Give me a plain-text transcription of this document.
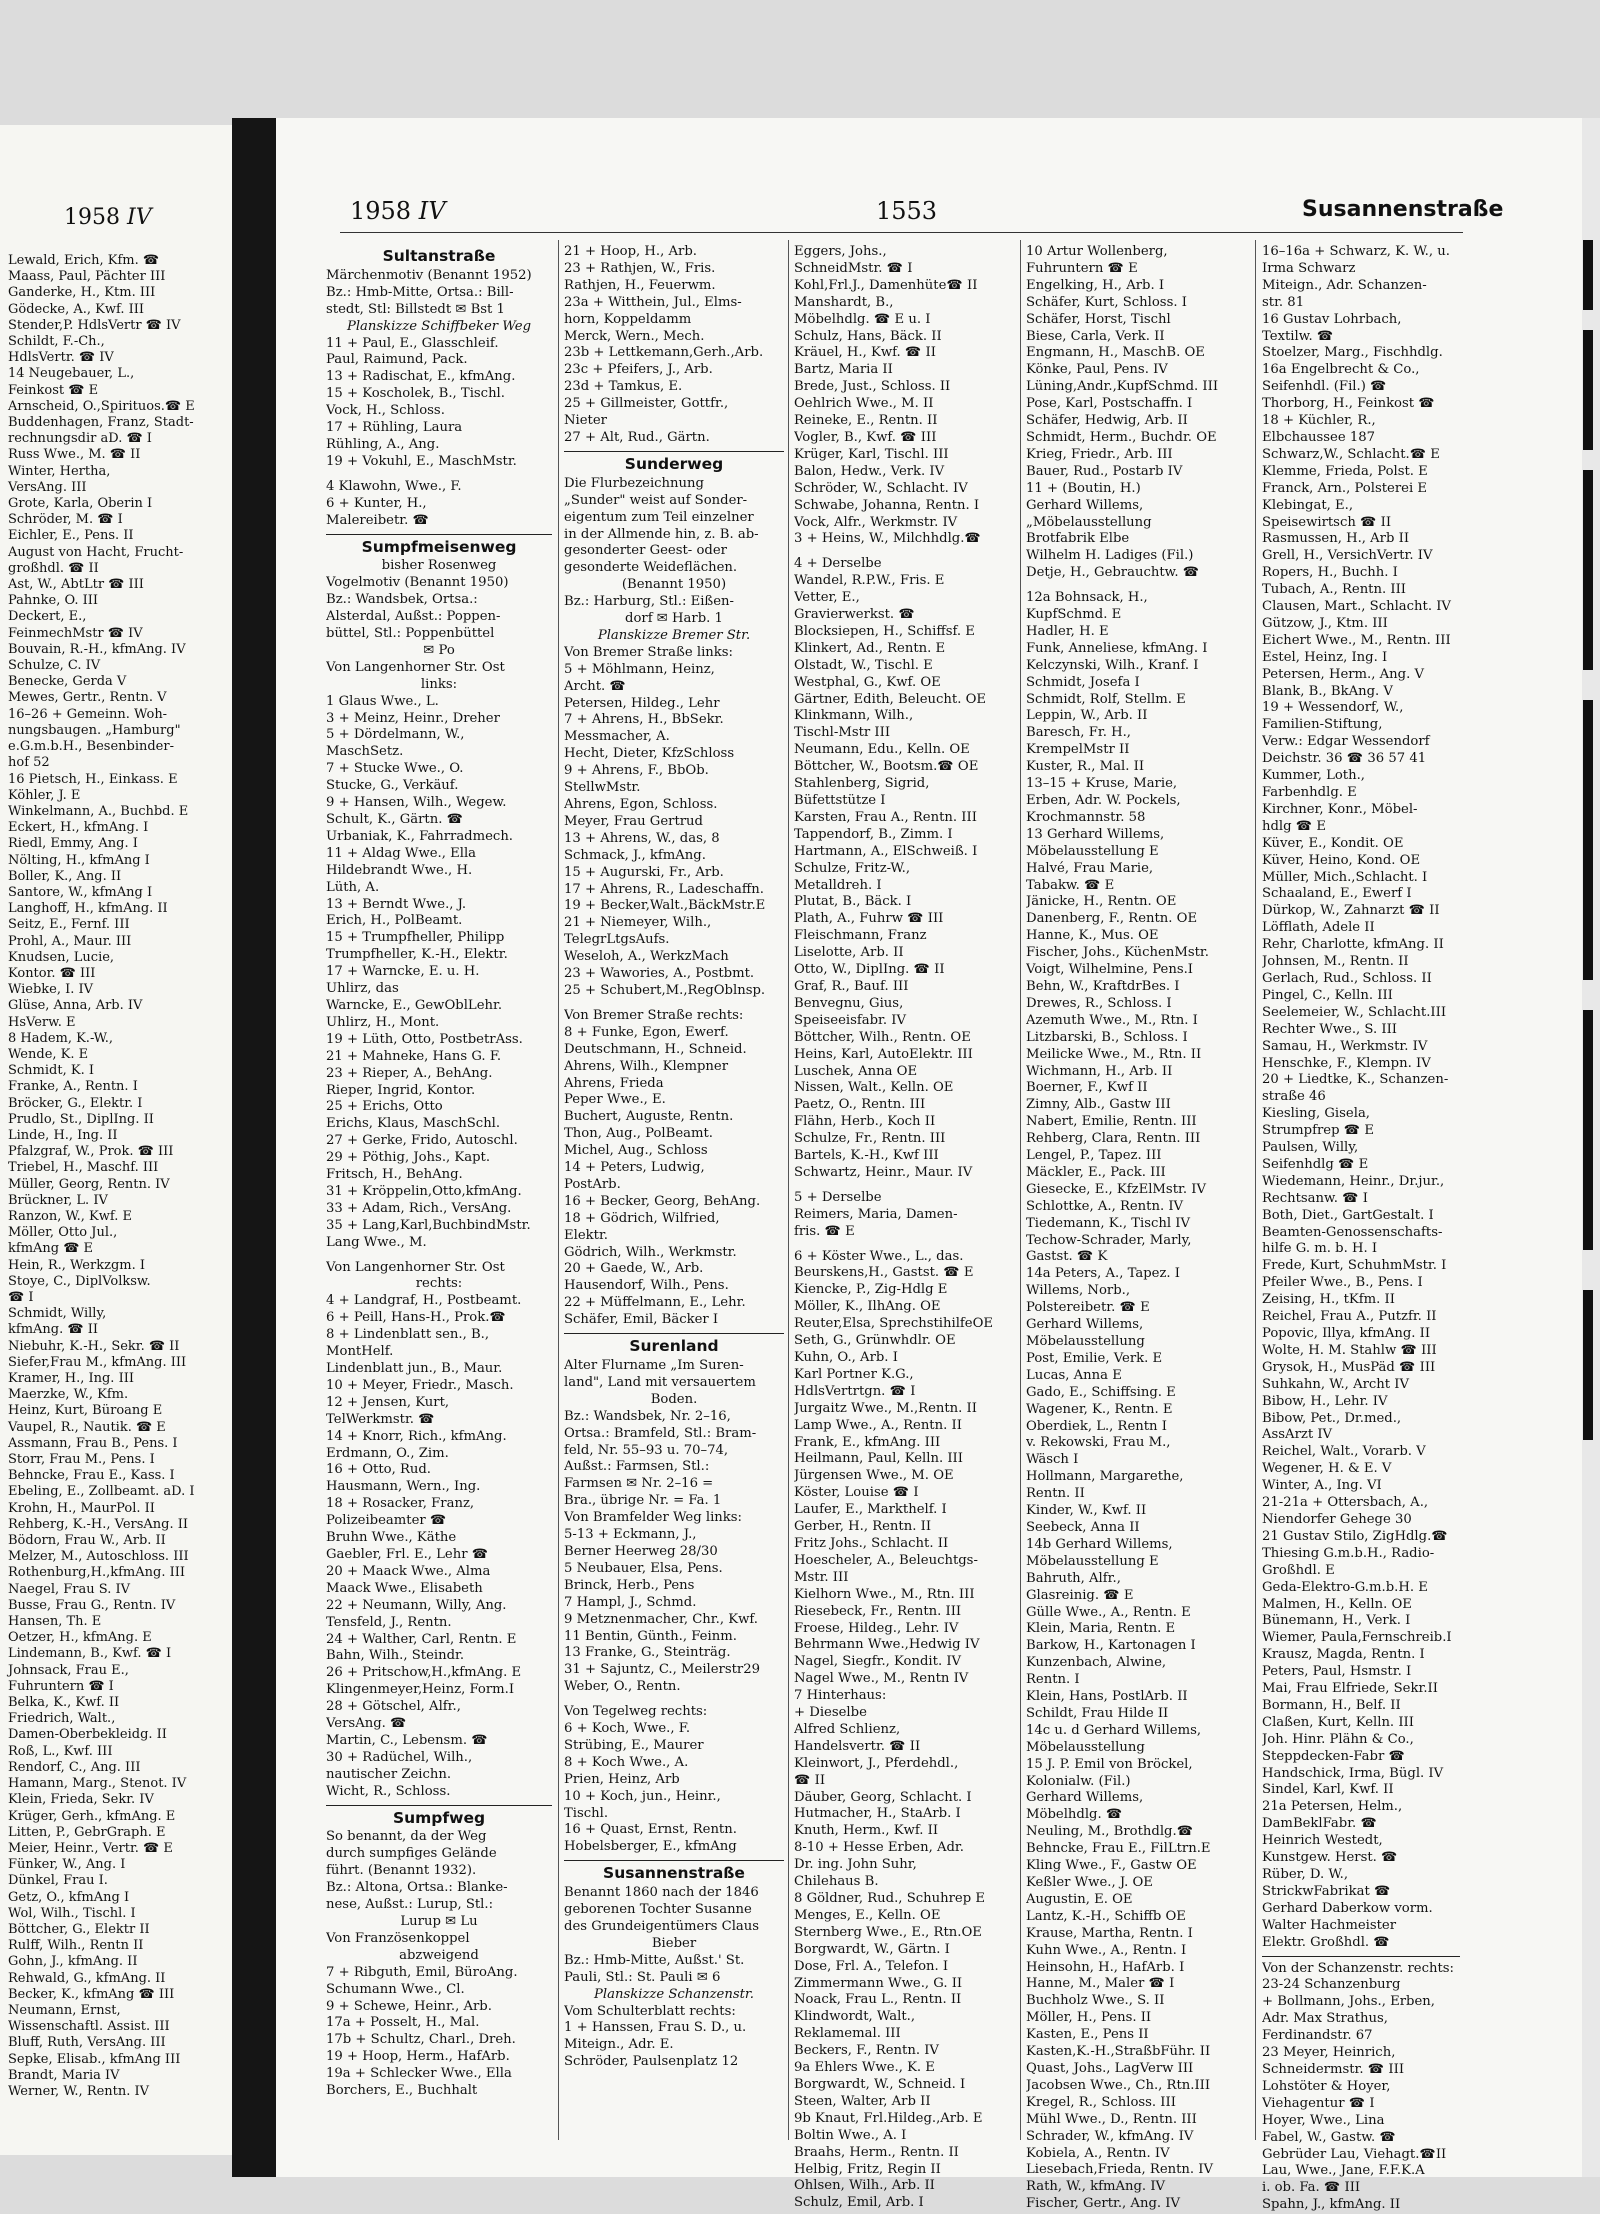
Lewald, Erich, Kfm. ☎
Maass, Paul, Pächter III
Ganderke, H., Ktm. III
Gödecke, A., Kwf. III
Stender,P. HdlsVertr ☎ IV
Schildt, F.-Ch.,
HdlsVertr. ☎ IV
14 Neugebauer, L.,
Feinkost ☎ E
Arnscheid, O.,Spirituos.☎ E
Buddenhagen, Franz, Stadt-
rechnungsdir aD. ☎ I
Russ Wwe., M. ☎ II
Winter, Hertha,
VersAng. III
Grote, Karla, Oberin I
Schröder, M. ☎ I
Eichler, E., Pens. II
August von Hacht, Frucht-
großhdl. ☎ II
Ast, W., AbtLtr ☎ III
Pahnke, O. III
Deckert, E.,
FeinmechMstr ☎ IV
Bouvain, R.-H., kfmAng. IV
Schulze, C. IV
Benecke, Gerda V
Mewes, Gertr., Rentn. V
16–26 + Gemeinn. Woh-
nungsbaugen. „Hamburg"
e.G.m.b.H., Besenbinder-
hof 52
16 Pietsch, H., Einkass. E
Köhler, J. E
Winkelmann, A., Buchbd. E
Eckert, H., kfmAng. I
Riedl, Emmy, Ang. I
Nölting, H., kfmAng I
Boller, K., Ang. II
Santore, W., kfmAng I
Langhoff, H., kfmAng. II
Seitz, E., Fernf. III
Prohl, A., Maur. III
Knudsen, Lucie,
Kontor. ☎ III
Wiebke, I. IV
Glüse, Anna, Arb. IV
HsVerw. E
8 Hadem, K.-W.,
Wende, K. E
Schmidt, K. I
Franke, A., Rentn. I
Bröcker, G., Elektr. I
Prudlo, St., DiplIng. II
Linde, H., Ing. II
Pfalzgraf, W., Prok. ☎ III
Triebel, H., Maschf. III
Müller, Georg, Rentn. IV
Brückner, L. IV
Ranzon, W., Kwf. E
Möller, Otto Jul.,
kfmAng ☎ E
Hein, R., Werkzgm. I
Stoye, C., DiplVolksw.
☎ I
Schmidt, Willy,
kfmAng. ☎ II
Niebuhr, K.-H., Sekr. ☎ II
Siefer,Frau M., kfmAng. III
Kramer, H., Ing. III
Maerzke, W., Kfm.
Heinz, Kurt, Büroang E
Vaupel, R., Nautik. ☎ E
Assmann, Frau B., Pens. I
Storr, Frau M., Pens. I
Behncke, Frau E., Kass. I
Ebeling, E., Zollbeamt. aD. I
Krohn, H., MaurPol. II
Rehberg, K.-H., VersAng. II
Bödorn, Frau W., Arb. II
Melzer, M., Autoschloss. III
Rothenburg,H.,kfmAng. III
Naegel, Frau S. IV
Busse, Frau G., Rentn. IV
Hansen, Th. E
Oetzer, H., kfmAng. E
Lindemann, B., Kwf. ☎ I
Johnsack, Frau E.,
Fuhruntern ☎ I
Belka, K., Kwf. II
Friedrich, Walt.,
Damen-Oberbekleidg. II
Roß, L., Kwf. III
Rendorf, C., Ang. III
Hamann, Marg., Stenot. IV
Klein, Frieda, Sekr. IV
Krüger, Gerh., kfmAng. E
Litten, P., GebrGraph. E
Meier, Heinr., Vertr. ☎ E
Fünker, W., Ang. I
Dünkel, Frau I.
Getz, O., kfmAng I
Wol, Wilh., Tischl. I
Böttcher, G., Elektr II
Rulff, Wilh., Rentn II
Gohn, J., kfmAng. II
Rehwald, G., kfmAng. II
Becker, K., kfmAng ☎ III
Neumann, Ernst,
Wissenschaftl. Assist. III
Bluff, Ruth, VersAng. III
Sepke, Elisab., kfmAng III
Brandt, Maria IV
Werner, W., Rentn. IV
1958 IV	1958 IV	1553	Susannenstraße
Sultanstraße
Märchenmotiv (Benannt 1952)
Bz.: Hmb-Mitte, Ortsa.: Bill-
stedt, Stl: Billstedt ✉ Bst 1
Planskizze Schiffbeker Weg
11 + Paul, E., Glasschleif.
Paul, Raimund, Pack.
13 + Radischat, E., kfmAng.
15 + Koscholek, B., Tischl.
Vock, H., Schloss.
17 + Rühling, Laura
Rühling, A., Ang.
19 + Vokuhl, E., MaschMstr.
4 Klawohn, Wwe., F.
6 + Kunter, H.,
Malereibetr. ☎
Sumpfmeisenweg
bisher Rosenweg
Vogelmotiv (Benannt 1950)
Bz.: Wandsbek, Ortsa.:
Alsterdal, Außst.: Poppen-
büttel, Stl.: Poppenbüttel
✉ Po
Von Langenhorner Str. Ost
links:
1 Glaus Wwe., L.
3 + Meinz, Heinr., Dreher
5 + Dördelmann, W.,
MaschSetz.
7 + Stucke Wwe., O.
Stucke, G., Verkäuf.
9 + Hansen, Wilh., Wegew.
Schult, K., Gärtn. ☎
Urbaniak, K., Fahrradmech.
11 + Aldag Wwe., Ella
Hildebrandt Wwe., H.
Lüth, A.
13 + Berndt Wwe., J.
Erich, H., PolBeamt.
15 + Trumpfheller, Philipp
Trumpfheller, K.-H., Elektr.
17 + Warncke, E. u. H.
Uhlirz, das
Warncke, E., GewOblLehr.
Uhlirz, H., Mont.
19 + Lüth, Otto, PostbetrAss.
21 + Mahneke, Hans G. F.
23 + Rieper, A., BehAng.
Rieper, Ingrid, Kontor.
25 + Erichs, Otto
Erichs, Klaus, MaschSchl.
27 + Gerke, Frido, Autoschl.
29 + Pöthig, Johs., Kapt.
Fritsch, H., BehAng.
31 + Kröppelin,Otto,kfmAng.
33 + Adam, Rich., VersAng.
35 + Lang,Karl,BuchbindMstr.
Lang Wwe., M.
Von Langenhorner Str. Ost
rechts:
4 + Landgraf, H., Postbeamt.
6 + Peill, Hans-H., Prok.☎
8 + Lindenblatt sen., B.,
MontHelf.
Lindenblatt jun., B., Maur.
10 + Meyer, Friedr., Masch.
12 + Jensen, Kurt,
TelWerkmstr. ☎
14 + Knorr, Rich., kfmAng.
Erdmann, O., Zim.
16 + Otto, Rud.
Hausmann, Wern., Ing.
18 + Rosacker, Franz,
Polizeibeamter ☎
Bruhn Wwe., Käthe
Gaebler, Frl. E., Lehr ☎
20 + Maack Wwe., Alma
Maack Wwe., Elisabeth
22 + Neumann, Willy, Ang.
Tensfeld, J., Rentn.
24 + Walther, Carl, Rentn. E
Bahn, Wilh., Steindr.
26 + Pritschow,H.,kfmAng. E
Klingenmeyer,Heinz, Form.I
28 + Götschel, Alfr.,
VersAng. ☎
Martin, C., Lebensm. ☎
30 + Radüchel, Wilh.,
nautischer Zeichn.
Wicht, R., Schloss.
Sumpfweg
So benannt, da der Weg
durch sumpfiges Gelände
führt. (Benannt 1932).
Bz.: Altona, Ortsa.: Blanke-
nese, Außst.: Lurup, Stl.:
Lurup ✉ Lu
Von Französenkoppel
abzweigend
7 + Ribguth, Emil, BüroAng.
Schumann Wwe., Cl.
9 + Schewe, Heinr., Arb.
17a + Posselt, H., Mal.
17b + Schultz, Charl., Dreh.
19 + Hoop, Herm., HafArb.
19a + Schlecker Wwe., Ella
Borchers, E., Buchhalt
21 + Hoop, H., Arb.
23 + Rathjen, W., Fris.
Rathjen, H., Feuerwm.
23a + Witthein, Jul., Elms-
horn, Koppeldamm
Merck, Wern., Mech.
23b + Lettkemann,Gerh.,Arb.
23c + Pfeifers, J., Arb.
23d + Tamkus, E.
25 + Gillmeister, Gottfr.,
Nieter
27 + Alt, Rud., Gärtn.
Sunderweg
Die Flurbezeichnung
„Sunder" weist auf Sonder-
eigentum zum Teil einzelner
in der Allmende hin, z. B. ab-
gesonderter Geest- oder
gesonderte Weideflächen.
(Benannt 1950)
Bz.: Harburg, Stl.: Eißen-
dorf ✉ Harb. 1
Planskizze Bremer Str.
Von Bremer Straße links:
5 + Möhlmann, Heinz,
Archt. ☎
Petersen, Hildeg., Lehr
7 + Ahrens, H., BbSekr.
Messmacher, A.
Hecht, Dieter, KfzSchloss
9 + Ahrens, F., BbOb.
StellwMstr.
Ahrens, Egon, Schloss.
Meyer, Frau Gertrud
13 + Ahrens, W., das, 8
Schmack, J., kfmAng.
15 + Augurski, Fr., Arb.
17 + Ahrens, R., Ladeschaffn.
19 + Becker,Walt.,BäckMstr.E
21 + Niemeyer, Wilh.,
TelegrLtgsAufs.
Weseloh, A., WerkzMach
23 + Wawories, A., Postbmt.
25 + Schubert,M.,RegOblnsp.
Von Bremer Straße rechts:
8 + Funke, Egon, Ewerf.
Deutschmann, H., Schneid.
Ahrens, Wilh., Klempner
Ahrens, Frieda
Peper Wwe., E.
Buchert, Auguste, Rentn.
Thon, Aug., PolBeamt.
Michel, Aug., Schloss
14 + Peters, Ludwig,
PostArb.
16 + Becker, Georg, BehAng.
18 + Gödrich, Wilfried,
Elektr.
Gödrich, Wilh., Werkmstr.
20 + Gaede, W., Arb.
Hausendorf, Wilh., Pens.
22 + Müffelmann, E., Lehr.
Schäfer, Emil, Bäcker I
Surenland
Alter Flurname „Im Suren-
land", Land mit versauertem
Boden.
Bz.: Wandsbek, Nr. 2–16,
Ortsa.: Bramfeld, Stl.: Bram-
feld, Nr. 55–93 u. 70–74,
Außst.: Farmsen, Stl.:
Farmsen ✉ Nr. 2–16 =
Bra., übrige Nr. = Fa. 1
Von Bramfelder Weg links:
5-13 + Eckmann, J.,
Berner Heerweg 28/30
5 Neubauer, Elsa, Pens.
Brinck, Herb., Pens
7 Hampl, J., Schmd.
9 Metznenmacher, Chr., Kwf.
11 Bentin, Günth., Feinm.
13 Franke, G., Steinträg.
31 + Sajuntz, C., Meilerstr29
Weber, O., Rentn.
Von Tegelweg rechts:
6 + Koch, Wwe., F.
Strübing, E., Maurer
8 + Koch Wwe., A.
Prien, Heinz, Arb
10 + Koch, jun., Heinr.,
Tischl.
16 + Quast, Ernst, Rentn.
Hobelsberger, E., kfmAng
Susannenstraße
Benannt 1860 nach der 1846
geborenen Tochter Susanne
des Grundeigentümers Claus
Bieber
Bz.: Hmb-Mitte, Außst.' St.
Pauli, Stl.: St. Pauli ✉ 6
Planskizze Schanzenstr.
Vom Schulterblatt rechts:
1 + Hanssen, Frau S. D., u.
Miteign., Adr. E.
Schröder, Paulsenplatz 12
Eggers, Johs.,
SchneidMstr. ☎ I
Kohl,Frl.J., Damenhüte☎ II
Manshardt, B.,
Möbelhdlg. ☎ E u. I
Schulz, Hans, Bäck. II
Kräuel, H., Kwf. ☎ II
Bartz, Maria II
Brede, Just., Schloss. II
Oehlrich Wwe., M. II
Reineke, E., Rentn. II
Vogler, B., Kwf. ☎ III
Krüger, Karl, Tischl. III
Balon, Hedw., Verk. IV
Schröder, W., Schlacht. IV
Schwabe, Johanna, Rentn. I
Vock, Alfr., Werkmstr. IV
3 + Heins, W., Milchhdlg.☎
4 + Derselbe
Wandel, R.P.W., Fris. E
Vetter, E.,
Gravierwerkst. ☎
Blocksiepen, H., Schiffsf. E
Klinkert, Ad., Rentn. E
Olstadt, W., Tischl. E
Westphal, G., Kwf. OE
Gärtner, Edith, Beleucht. OE
Klinkmann, Wilh.,
Tischl-Mstr III
Neumann, Edu., Kelln. OE
Böttcher, W., Bootsm.☎ OE
Stahlenberg, Sigrid,
Büfettstütze I
Karsten, Frau A., Rentn. III
Tappendorf, B., Zimm. I
Hartmann, A., ElSchweiß. I
Schulze, Fritz-W.,
Metalldreh. I
Plutat, B., Bäck. I
Plath, A., Fuhrw ☎ III
Fleischmann, Franz
Liselotte, Arb. II
Otto, W., DiplIng. ☎ II
Graf, R., Bauf. III
Benvegnu, Gius,
Speiseeisfabr. IV
Böttcher, Wilh., Rentn. OE
Heins, Karl, AutoElektr. III
Luschek, Anna OE
Nissen, Walt., Kelln. OE
Paetz, O., Rentn. III
Flähn, Herb., Koch II
Schulze, Fr., Rentn. III
Bartels, K.-H., Kwf III
Schwartz, Heinr., Maur. IV
5 + Derselbe
Reimers, Maria, Damen-
fris. ☎ E
6 + Köster Wwe., L., das.
Beurskens,H., Gastst. ☎ E
Kiencke, P., Zig-Hdlg E
Möller, K., IlhAng. OE
Reuter,Elsa, SprechstihilfeOE
Seth, G., Grünwhdlr. OE
Kuhn, O., Arb. I
Karl Portner K.G.,
HdlsVertrtgn. ☎ I
Jurgaitz Wwe., M.,Rentn. II
Lamp Wwe., A., Rentn. II
Frank, E., kfmAng. III
Heilmann, Paul, Kelln. III
Jürgensen Wwe., M. OE
Köster, Louise ☎ I
Laufer, E., Markthelf. I
Gerber, H., Rentn. II
Fritz Johs., Schlacht. II
Hoescheler, A., Beleuchtgs-
Mstr. III
Kielhorn Wwe., M., Rtn. III
Riesebeck, Fr., Rentn. III
Froese, Hildeg., Lehr. IV
Behrmann Wwe.,Hedwig IV
Nagel, Siegfr., Kondit. IV
Nagel Wwe., M., Rentn IV
7 Hinterhaus:
+ Dieselbe
Alfred Schlienz,
Handelsvertr. ☎ II
Kleinwort, J., Pferdehdl.,
☎ II
Däuber, Georg, Schlacht. I
Hutmacher, H., StaArb. I
Knuth, Herm., Kwf. II
8-10 + Hesse Erben, Adr.
Dr. ing. John Suhr,
Chilehaus B.
8 Göldner, Rud., Schuhrep E
Menges, E., Kelln. OE
Sternberg Wwe., E., Rtn.OE
Borgwardt, W., Gärtn. I
Dose, Frl. A., Telefon. I
Zimmermann Wwe., G. II
Noack, Frau L., Rentn. II
Klindwordt, Walt.,
Reklamemal. III
Beckers, F., Rentn. IV
9a Ehlers Wwe., K. E
Borgwardt, W., Schneid. I
Steen, Walter, Arb II
9b Knaut, Frl.Hildeg.,Arb. E
Boltin Wwe., A. I
Braahs, Herm., Rentn. II
Helbig, Fritz, Regin II
Ohlsen, Wilh., Arb. II
Schulz, Emil, Arb. I
10 Artur Wollenberg,
Fuhruntern ☎ E
Engelking, H., Arb. I
Schäfer, Kurt, Schloss. I
Schäfer, Horst, Tischl
Biese, Carla, Verk. II
Engmann, H., MaschB. OE
Könke, Paul, Pens. IV
Lüning,Andr.,KupfSchmd. III
Pose, Karl, Postschaffn. I
Schäfer, Hedwig, Arb. II
Schmidt, Herm., Buchdr. OE
Krieg, Friedr., Arb. III
Bauer, Rud., Postarb IV
11 + (Boutin, H.)
Gerhard Willems,
„Möbelausstellung
Brotfabrik Elbe
Wilhelm H. Ladiges (Fil.)
Detje, H., Gebrauchtw. ☎
12a Bohnsack, H.,
KupfSchmd. E
Hadler, H. E
Funk, Anneliese, kfmAng. I
Kelczynski, Wilh., Kranf. I
Schmidt, Josefa I
Schmidt, Rolf, Stellm. E
Leppin, W., Arb. II
Baresch, Fr. H.,
KrempelMstr II
Kuster, R., Mal. II
13–15 + Kruse, Marie,
Erben, Adr. W. Pockels,
Krochmannstr. 58
13 Gerhard Willems,
Möbelausstellung E
Halvé, Frau Marie,
Tabakw. ☎ E
Jänicke, H., Rentn. OE
Danenberg, F., Rentn. OE
Hanne, K., Mus. OE
Fischer, Johs., KüchenMstr.
Voigt, Wilhelmine, Pens.I
Behn, W., KraftdrBes. I
Drewes, R., Schloss. I
Azemuth Wwe., M., Rtn. I
Litzbarski, B., Schloss. I
Meilicke Wwe., M., Rtn. II
Wichmann, H., Arb. II
Boerner, F., Kwf II
Zimny, Alb., Gastw III
Nabert, Emilie, Rentn. III
Rehberg, Clara, Rentn. III
Lengel, P., Tapez. III
Mäckler, E., Pack. III
Giesecke, E., KfzElMstr. IV
Schlottke, A., Rentn. IV
Tiedemann, K., Tischl IV
Techow-Schrader, Marly,
Gastst. ☎ K
14a Peters, A., Tapez. I
Willems, Norb.,
Polstereibetr. ☎ E
Gerhard Willems,
Möbelausstellung
Post, Emilie, Verk. E
Lucas, Anna E
Gado, E., Schiffsing. E
Wagener, K., Rentn. E
Oberdiek, L., Rentn I
v. Rekowski, Frau M.,
Wäsch I
Hollmann, Margarethe,
Rentn. II
Kinder, W., Kwf. II
Seebeck, Anna II
14b Gerhard Willems,
Möbelausstellung E
Bahruth, Alfr.,
Glasreinig. ☎ E
Gülle Wwe., A., Rentn. E
Klein, Maria, Rentn. E
Barkow, H., Kartonagen I
Kunzenbach, Alwine,
Rentn. I
Klein, Hans, PostlArb. II
Schildt, Frau Hilde II
14c u. d Gerhard Willems,
Möbelausstellung
15 J. P. Emil von Bröckel,
Kolonialw. (Fil.)
Gerhard Willems,
Möbelhdlg. ☎
Neuling, M., Brothdlg.☎
Behncke, Frau E., FilLtrn.E
Kling Wwe., F., Gastw OE
Keßler Wwe., J. OE
Augustin, E. OE
Lantz, K.-H., Schiffb OE
Krause, Martha, Rentn. I
Kuhn Wwe., A., Rentn. I
Heinsohn, H., HafArb. I
Hanne, M., Maler ☎ I
Buchholz Wwe., S. II
Möller, H., Pens. II
Kasten, E., Pens II
Kasten,K.-H.,StraßbFühr. II
Quast, Johs., LagVerw III
Jacobsen Wwe., Ch., Rtn.III
Kregel, R., Schloss. III
Mühl Wwe., D., Rentn. III
Schrader, W., kfmAng. IV
Kobiela, A., Rentn. IV
Liesebach,Frieda, Rentn. IV
Rath, W., kfmAng. IV
Fischer, Gertr., Ang. IV
16–16a + Schwarz, K. W., u.
Irma Schwarz
Miteign., Adr. Schanzen-
str. 81
16 Gustav Lohrbach,
Textilw. ☎
Stoelzer, Marg., Fischhdlg.
16a Engelbrecht & Co.,
Seifenhdl. (Fil.) ☎
Thorborg, H., Feinkost ☎
18 + Küchler, R.,
Elbchaussee 187
Schwarz,W., Schlacht.☎ E
Klemme, Frieda, Polst. E
Franck, Arn., Polsterei E
Klebingat, E.,
Speisewirtsch ☎ II
Rasmussen, H., Arb II
Grell, H., VersichVertr. IV
Ropers, H., Buchh. I
Tubach, A., Rentn. III
Clausen, Mart., Schlacht. IV
Gützow, J., Ktm. III
Eichert Wwe., M., Rentn. III
Estel, Heinz, Ing. I
Petersen, Herm., Ang. V
Blank, B., BkAng. V
19 + Wessendorf, W.,
Familien-Stiftung,
Verw.: Edgar Wessendorf
Deichstr. 36 ☎ 36 57 41
Kummer, Loth.,
Farbenhdlg. E
Kirchner, Konr., Möbel-
hdlg ☎ E
Küver, E., Kondit. OE
Küver, Heino, Kond. OE
Müller, Mich.,Schlacht. I
Schaaland, E., Ewerf I
Dürkop, W., Zahnarzt ☎ II
Löfflath, Adele II
Rehr, Charlotte, kfmAng. II
Johnsen, M., Rentn. II
Gerlach, Rud., Schloss. II
Pingel, C., Kelln. III
Seelemeier, W., Schlacht.III
Rechter Wwe., S. III
Samau, H., Werkmstr. IV
Henschke, F., Klempn. IV
20 + Liedtke, K., Schanzen-
straße 46
Kiesling, Gisela,
Strumpfrep ☎ E
Paulsen, Willy,
Seifenhdlg ☎ E
Wiedemann, Heinr., Dr.jur.,
Rechtsanw. ☎ I
Both, Diet., GartGestalt. I
Beamten-Genossenschafts-
hilfe G. m. b. H. I
Frede, Kurt, SchuhmMstr. I
Pfeiler Wwe., B., Pens. I
Zeising, H., tKfm. II
Reichel, Frau A., Putzfr. II
Popovic, Illya, kfmAng. II
Wolte, H. M. Stahlw ☎ III
Grysok, H., MusPäd ☎ III
Suhkahn, W., Archt IV
Bibow, H., Lehr. IV
Bibow, Pet., Dr.med.,
AssArzt IV
Reichel, Walt., Vorarb. V
Wegener, H. & E. V
Winter, A., Ing. VI
21-21a + Ottersbach, A.,
Niendorfer Gehege 30
21 Gustav Stilo, ZigHdlg.☎
Thiesing G.m.b.H., Radio-
Großhdl. E
Geda-Elektro-G.m.b.H. E
Malmen, H., Kelln. OE
Bünemann, H., Verk. I
Wiemer, Paula,Fernschreib.I
Krausz, Magda, Rentn. I
Peters, Paul, Hsmstr. I
Mai, Frau Elfriede, Sekr.II
Bormann, H., Belf. II
Claßen, Kurt, Kelln. III
Joh. Hinr. Plähn & Co.,
Steppdecken-Fabr ☎
Handschick, Irma, Bügl. IV
Sindel, Karl, Kwf. II
21a Petersen, Helm.,
DamBeklFabr. ☎
Heinrich Westedt,
Kunstgew. Herst. ☎
Rüber, D. W.,
StrickwFabrikat ☎
Gerhard Daberkow vorm.
Walter Hachmeister
Elektr. Großhdl. ☎
Von der Schanzenstr. rechts:
23-24 Schanzenburg
+ Bollmann, Johs., Erben,
Adr. Max Strathus,
Ferdinandstr. 67
23 Meyer, Heinrich,
Schneidermstr. ☎ III
Lohstöter & Hoyer,
Viehagentur ☎ I
Hoyer, Wwe., Lina
Fabel, W., Gastw. ☎
Gebrüder Lau, Viehagt.☎II
Lau, Wwe., Jane, F.F.K.A
i. ob. Fa. ☎ III
Spahn, J., kfmAng. II
